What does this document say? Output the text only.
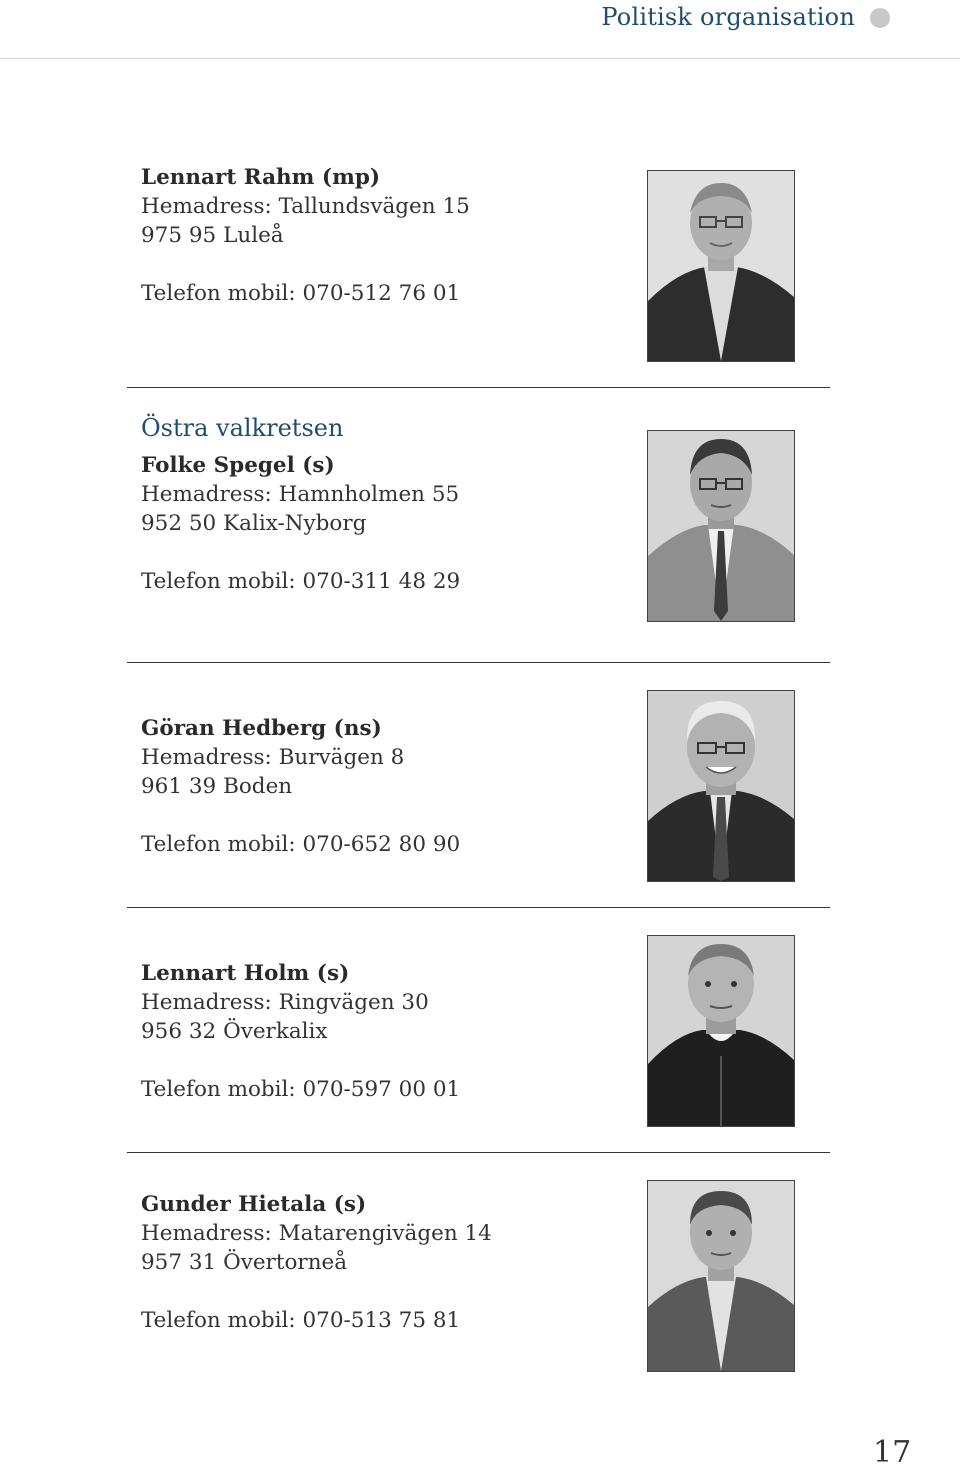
Politisk organisation
Lennart Rahm (mp)
Hemadress: Tallundsvägen 15
975 95 Luleå
Telefon mobil: 070-512 76 01
Östra valkretsen
Folke Spegel (s)
Hemadress: Hamnholmen 55
952 50 Kalix-Nyborg
Telefon mobil: 070-311 48 29
Göran Hedberg (ns)
Hemadress: Burvägen 8
961 39 Boden
Telefon mobil: 070-652 80 90
Lennart Holm (s)
Hemadress: Ringvägen 30
956 32 Överkalix
Telefon mobil: 070-597 00 01
Gunder Hietala (s)
Hemadress: Matarengivägen 14
957 31 Övertorneå
Telefon mobil: 070-513 75 81
17
